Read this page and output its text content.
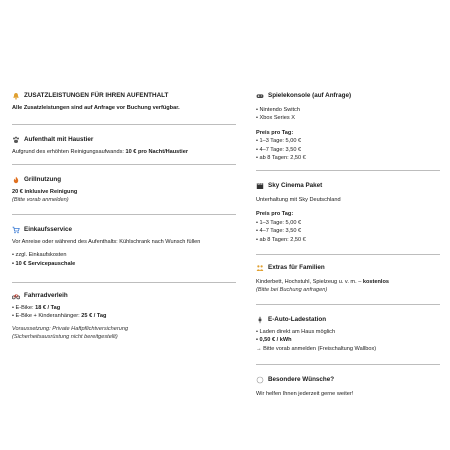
ZUSATZLEISTUNGEN FÜR IHREN AUFENTHALT
Alle Zusatzleistungen sind auf Anfrage vor Buchung verfügbar.
Aufenthalt mit Haustier
Aufgrund des erhöhten Reinigungsaufwands: 10 € pro Nacht/Haustier
Grillnutzung
20 € inklusive Reinigung
(Bitte vorab anmelden)
Einkaufsservice
Vor Anreise oder während des Aufenthalts: Kühlschrank nach Wunsch füllen
• zzgl. Einkaufskosten
• 10 € Servicepauschale
Fahrradverleih
• E-Bike: 18 € / Tag
• E-Bike + Kinderanhänger: 25 € / Tag
Voraussetzung: Private Haftpflichtversicherung
(Sicherheitsausrüstung nicht bereitgestellt)
Spielekonsole (auf Anfrage)
• Nintendo Switch
• Xbox Series X
Preis pro Tag:
• 1–3 Tage: 5,00 €
• 4–7 Tage: 3,50 €
• ab 8 Tagen: 2,50 €
Sky Cinema Paket
Unterhaltung mit Sky Deutschland
Preis pro Tag:
• 1–3 Tage: 5,00 €
• 4–7 Tage: 3,50 €
• ab 8 Tagen: 2,50 €
Extras für Familien
Kinderbett, Hochstuhl, Spielzeug u. v. m. – kostenlos
(Bitte bei Buchung anfragen)
E-Auto-Ladestation
• Laden direkt am Haus möglich
• 0,50 € / kWh
→ Bitte vorab anmelden (Freischaltung Wallbox)
Besondere Wünsche?
Wir helfen Ihnen jederzeit gerne weiter!
